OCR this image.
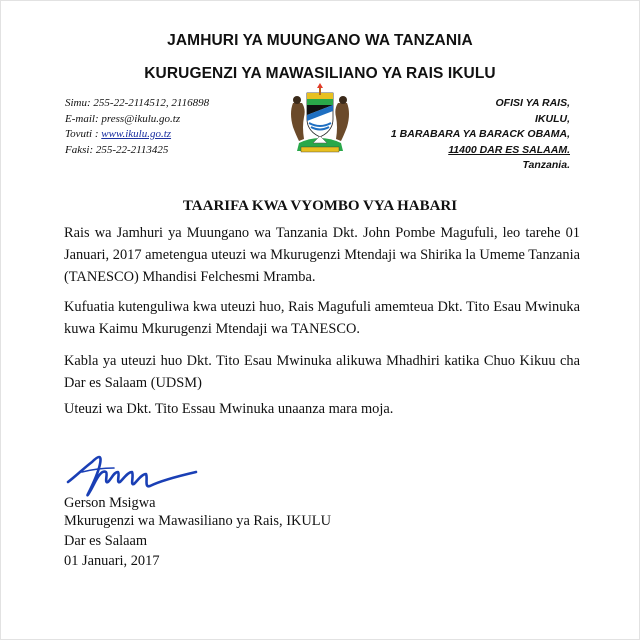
JAMHURI YA MUUNGANO WA TANZANIA
KURUGENZI YA MAWASILIANO YA RAIS IKULU
Simu: 255-22-2114512, 2116898
E-mail: press@ikulu.go.tz
Tovuti : www.ikulu.go.tz
Faksi: 255-22-2113425
OFISI YA RAIS,
IKULU,
1 BARABARA YA BARACK OBAMA,
11400 DAR ES SALAAM.
Tanzania.
TAARIFA KWA VYOMBO VYA HABARI
Rais wa Jamhuri ya Muungano wa Tanzania Dkt. John Pombe Magufuli, leo tarehe 01 Januari, 2017 ametengua uteuzi wa Mkurugenzi Mtendaji wa Shirika la Umeme Tanzania (TANESCO) Mhandisi Felchesmi Mramba.
Kufuatia kutenguliwa kwa uteuzi huo, Rais Magufuli amemteua Dkt. Tito Esau Mwinuka kuwa Kaimu Mkurugenzi Mtendaji wa TANESCO.
Kabla ya uteuzi huo Dkt. Tito Esau Mwinuka alikuwa Mhadhiri katika Chuo Kikuu cha Dar es Salaam (UDSM)
Uteuzi wa Dkt. Tito Essau Mwinuka unaanza mara moja.
Gerson Msigwa
Mkurugenzi wa Mawasiliano ya Rais, IKULU
Dar es Salaam
01 Januari, 2017
